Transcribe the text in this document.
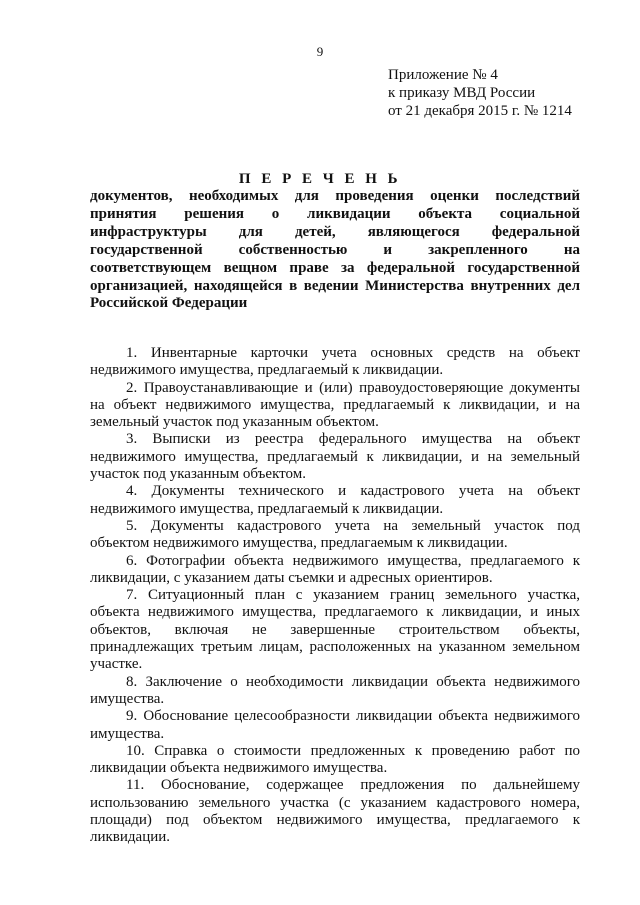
9
Приложение № 4
к приказу МВД России
от 21 декабря 2015 г. № 1214
П Е Р Е Ч Е Н Ь
документов, необходимых для проведения оценки последствий
принятия решения о ликвидации объекта социальной
инфраструктуры для детей, являющегося федеральной
государственной собственностью и закрепленного на
соответствующем вещном праве за федеральной государственной
организацией, находящейся в ведении Министерства внутренних дел
Российской Федерации
1. Инвентарные карточки учета основных средств на объект
недвижимого имущества, предлагаемый к ликвидации.
2. Правоустанавливающие и (или) правоудостоверяющие документы
на объект недвижимого имущества, предлагаемый к ликвидации, и на
земельный участок под указанным объектом.
3. Выписки из реестра федерального имущества на объект
недвижимого имущества, предлагаемый к ликвидации, и на земельный
участок под указанным объектом.
4. Документы технического и кадастрового учета на объект
недвижимого имущества, предлагаемый к ликвидации.
5. Документы кадастрового учета на земельный участок под
объектом недвижимого имущества, предлагаемым к ликвидации.
6. Фотографии объекта недвижимого имущества, предлагаемого к
ликвидации, с указанием даты съемки и адресных ориентиров.
7. Ситуационный план с указанием границ земельного участка,
объекта недвижимого имущества, предлагаемого к ликвидации, и иных
объектов, включая не завершенные строительством объекты,
принадлежащих третьим лицам, расположенных на указанном земельном
участке.
8. Заключение о необходимости ликвидации объекта недвижимого
имущества.
9. Обоснование целесообразности ликвидации объекта недвижимого
имущества.
10. Справка о стоимости предложенных к проведению работ по
ликвидации объекта недвижимого имущества.
11. Обоснование, содержащее предложения по дальнейшему
использованию земельного участка (с указанием кадастрового номера,
площади) под объектом недвижимого имущества, предлагаемого к
ликвидации.
